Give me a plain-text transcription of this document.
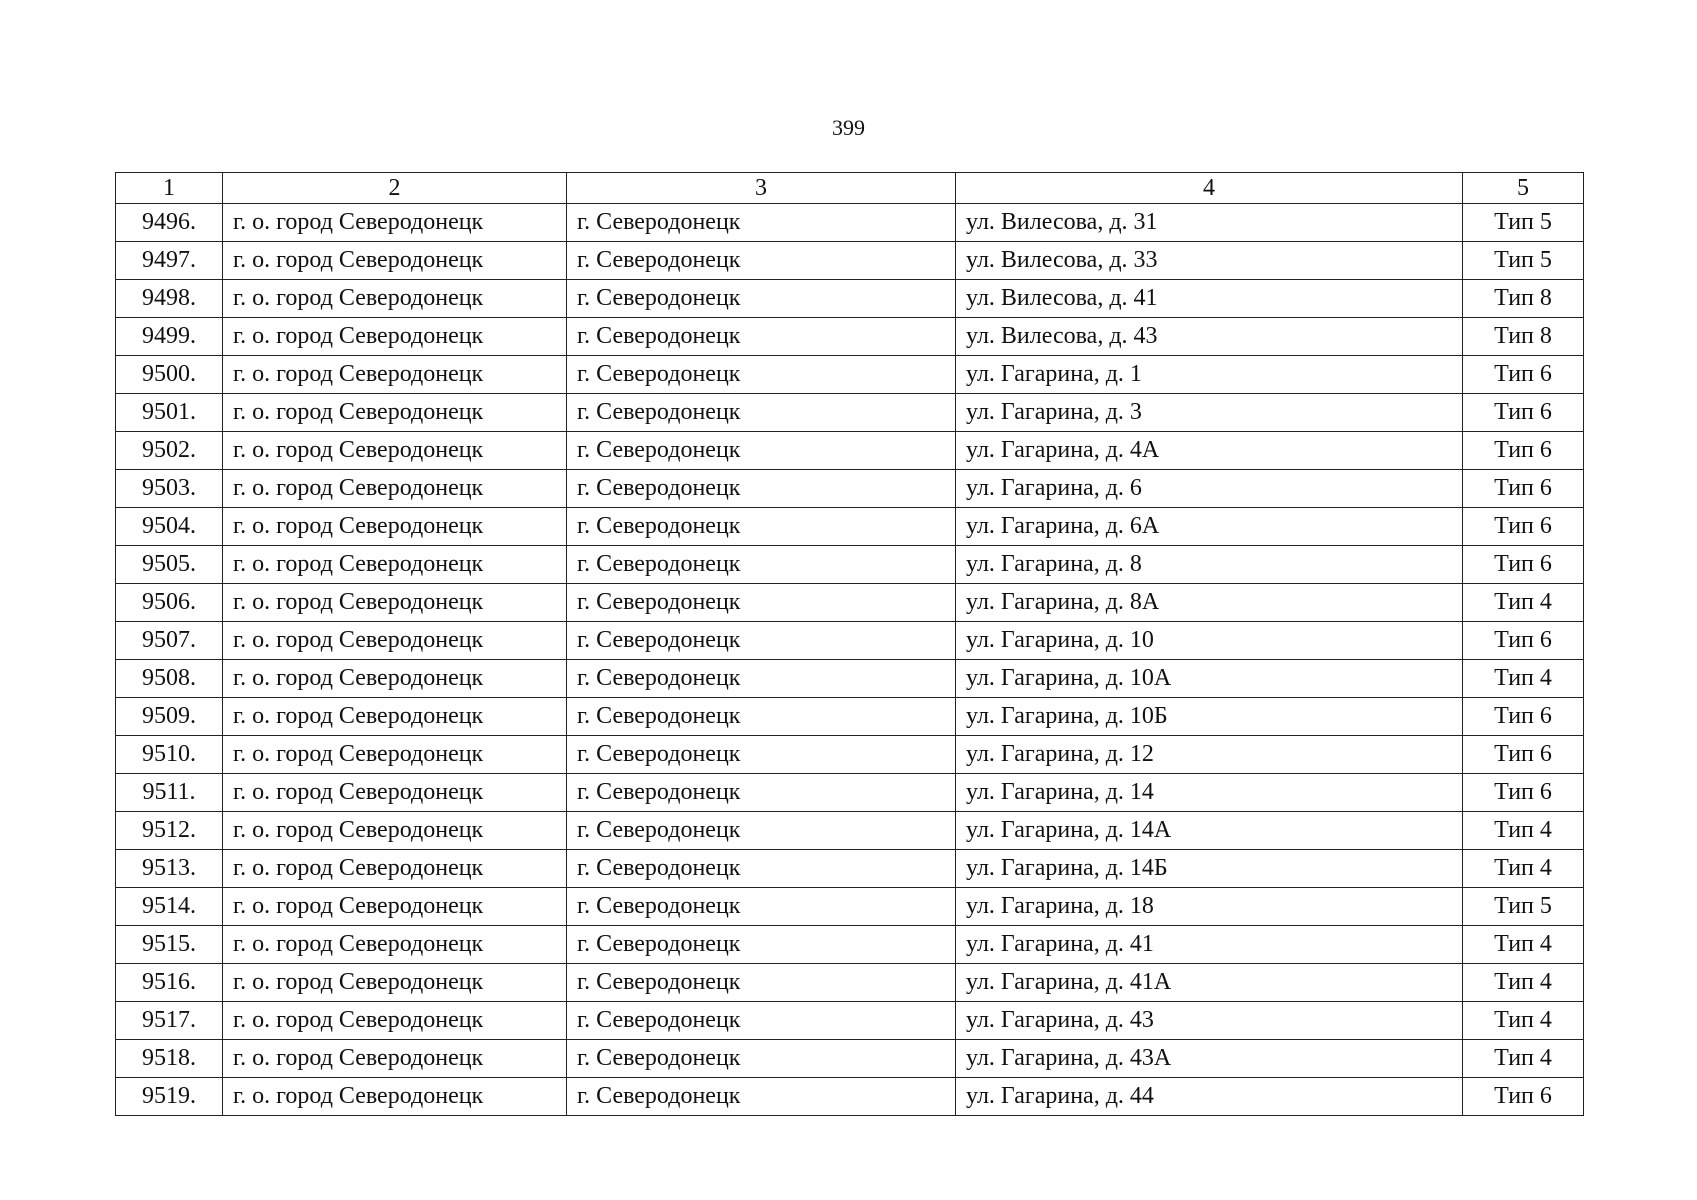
399
1	2	3	4	5
9496.	г. о. город Северодонецк	г. Северодонецк	ул. Вилесова, д. 31	Тип 5
9497.	г. о. город Северодонецк	г. Северодонецк	ул. Вилесова, д. 33	Тип 5
9498.	г. о. город Северодонецк	г. Северодонецк	ул. Вилесова, д. 41	Тип 8
9499.	г. о. город Северодонецк	г. Северодонецк	ул. Вилесова, д. 43	Тип 8
9500.	г. о. город Северодонецк	г. Северодонецк	ул. Гагарина, д. 1	Тип 6
9501.	г. о. город Северодонецк	г. Северодонецк	ул. Гагарина, д. 3	Тип 6
9502.	г. о. город Северодонецк	г. Северодонецк	ул. Гагарина, д. 4А	Тип 6
9503.	г. о. город Северодонецк	г. Северодонецк	ул. Гагарина, д. 6	Тип 6
9504.	г. о. город Северодонецк	г. Северодонецк	ул. Гагарина, д. 6А	Тип 6
9505.	г. о. город Северодонецк	г. Северодонецк	ул. Гагарина, д. 8	Тип 6
9506.	г. о. город Северодонецк	г. Северодонецк	ул. Гагарина, д. 8А	Тип 4
9507.	г. о. город Северодонецк	г. Северодонецк	ул. Гагарина, д. 10	Тип 6
9508.	г. о. город Северодонецк	г. Северодонецк	ул. Гагарина, д. 10А	Тип 4
9509.	г. о. город Северодонецк	г. Северодонецк	ул. Гагарина, д. 10Б	Тип 6
9510.	г. о. город Северодонецк	г. Северодонецк	ул. Гагарина, д. 12	Тип 6
9511.	г. о. город Северодонецк	г. Северодонецк	ул. Гагарина, д. 14	Тип 6
9512.	г. о. город Северодонецк	г. Северодонецк	ул. Гагарина, д. 14А	Тип 4
9513.	г. о. город Северодонецк	г. Северодонецк	ул. Гагарина, д. 14Б	Тип 4
9514.	г. о. город Северодонецк	г. Северодонецк	ул. Гагарина, д. 18	Тип 5
9515.	г. о. город Северодонецк	г. Северодонецк	ул. Гагарина, д. 41	Тип 4
9516.	г. о. город Северодонецк	г. Северодонецк	ул. Гагарина, д. 41А	Тип 4
9517.	г. о. город Северодонецк	г. Северодонецк	ул. Гагарина, д. 43	Тип 4
9518.	г. о. город Северодонецк	г. Северодонецк	ул. Гагарина, д. 43А	Тип 4
9519.	г. о. город Северодонецк	г. Северодонецк	ул. Гагарина, д. 44	Тип 6
